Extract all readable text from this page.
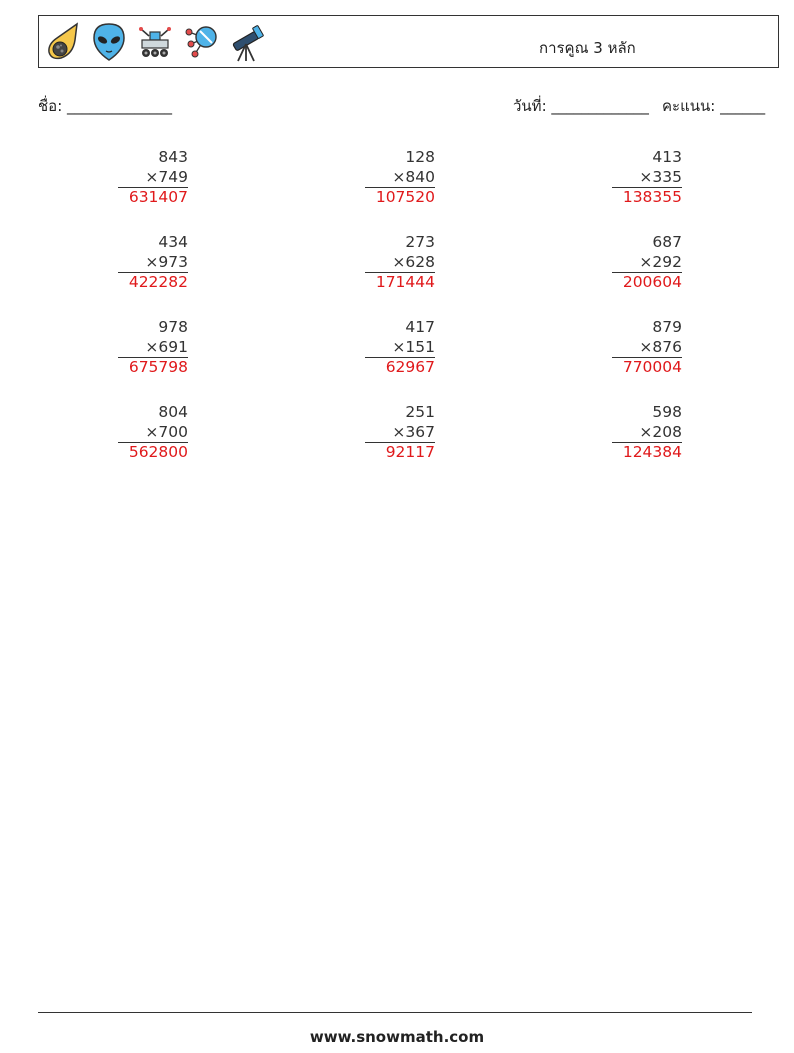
การคูณ 3 หลัก
ชื่อ: ______________	วันที่: _____________ คะแนน: ______
843
×749
631407
128
×840
107520
413
×335
138355
434
×973
422282
273
×628
171444
687
×292
200604
978
×691
675798
417
×151
62967
879
×876
770004
804
×700
562800
251
×367
92117
598
×208
124384
www.snowmath.com
